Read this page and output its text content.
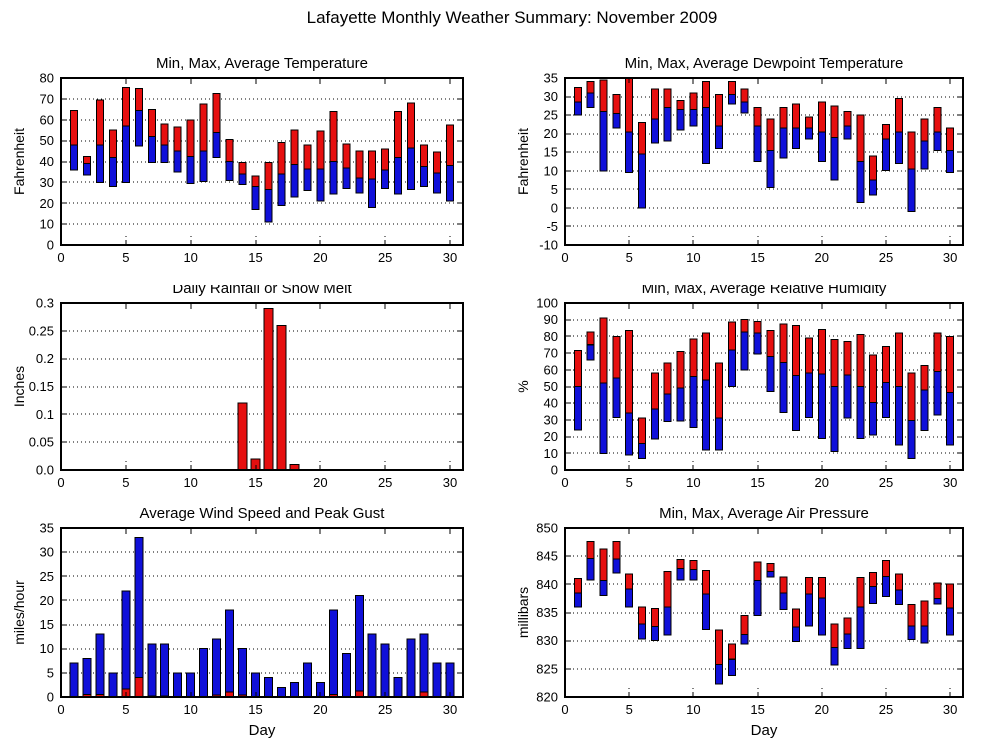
Lafayette Monthly Weather Summary: November 2009
Min, Max, Average Temperature
0
10
20
30
40
50
60
70
80
0	5	10	15	20	25	30
Fahrenheit
Min, Max, Average Dewpoint Temperature
-10
-5
0
5
10
15
20
25
30
35
0	5	10	15	20	25	30
Fahrenheit
Daily Rainfall or Snow Melt
0.0
0.05
0.1
0.15
0.2
0.25
0.3
0	5	10	15	20	25	30
Inches
Min, Max, Average Relative Humidity
0
10
20
30
40
50
60
70
80
90
100
0	5	10	15	20	25	30
%
Average Wind Speed and Peak Gust
0
5
10
15
20
25
30
35
0	5	10	15	20	25	30
miles/hour
Day
Min, Max, Average Air Pressure
820
825
830
835
840
845
850
0	5	10	15	20	25	30
millibars
Day
